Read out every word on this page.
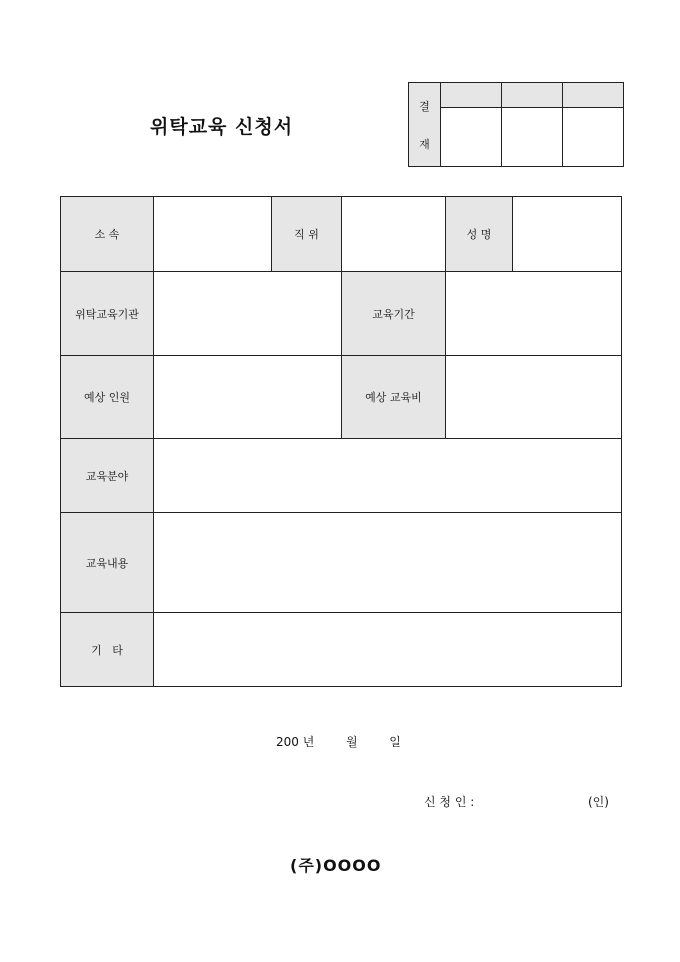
위탁교육 신청서
결
재			

소 속		직 위		성 명	
위탁교육기관			교육기간		
예상 인원			예상 교육비		
교육분야					
교육내용					
기   타					
200 년	월	일
신 청 인 :	(인)
(주)OOOO
